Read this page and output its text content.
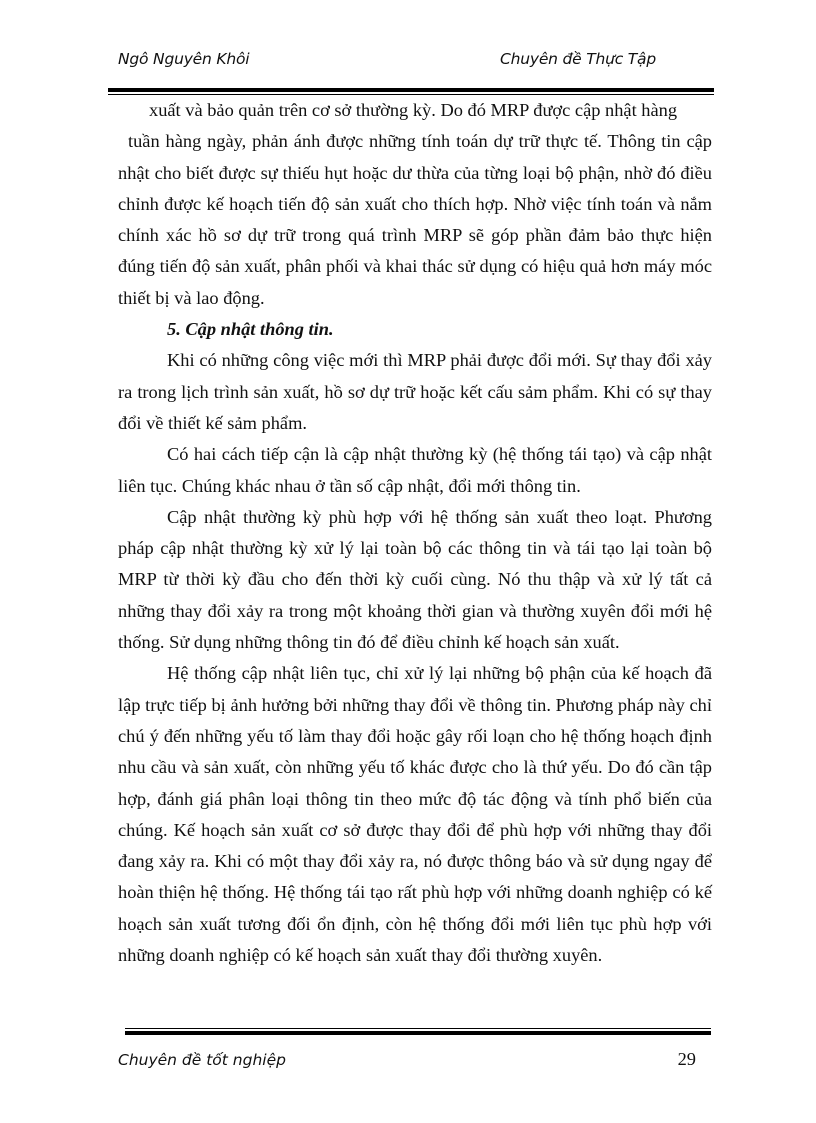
Ngô Nguyên Khôi	Chuyên đề Thực Tập

xuất và bảo quản trên cơ sở thường kỳ. Do đó MRP được cập nhật hàng

tuần hàng ngày, phản ánh được những tính toán dự trữ thực tế. Thông tin cập nhật cho biết được sự thiếu hụt hoặc dư thừa của từng loại bộ phận, nhờ đó điều chỉnh được kế hoạch tiến độ sản xuất cho thích hợp. Nhờ việc tính toán và nắm chính xác hồ sơ dự trữ trong quá trình MRP sẽ góp phần đảm bảo thực hiện đúng tiến độ sản xuất, phân phối và khai thác sử dụng có hiệu quả hơn máy móc thiết bị và lao động.

5. Cập nhật thông tin.

Khi có những công việc mới thì MRP phải được đổi mới. Sự thay đổi xảy ra trong lịch trình sản xuất, hồ sơ dự trữ hoặc kết cấu sảm phẩm. Khi có sự thay đổi về thiết kế sảm phẩm.

Có hai cách tiếp cận là cập nhật thường kỳ (hệ thống tái tạo) và cập nhật liên tục. Chúng khác nhau ở tần số cập nhật, đổi mới thông tin.

Cập nhật thường kỳ phù hợp với hệ thống sản xuất theo loạt. Phương pháp cập nhật thường kỳ xử lý lại toàn bộ các thông tin và tái tạo lại toàn bộ MRP từ thời kỳ đầu cho đến thời kỳ cuối cùng. Nó thu thập và xử lý tất cả những thay đổi xảy ra trong một khoảng thời gian và thường xuyên đổi mới hệ thống. Sử dụng những thông tin đó để điều chỉnh kế hoạch sản xuất.

Hệ thống cập nhật liên tục, chỉ xử lý lại những bộ phận của kế hoạch đã lập trực tiếp bị ảnh hưởng bởi những thay đổi về thông tin. Phương pháp này chỉ chú ý đến những yếu tố làm thay đổi hoặc gây rối loạn cho hệ thống hoạch định nhu cầu và sản xuất, còn những yếu tố khác được cho là thứ yếu. Do đó cần tập hợp, đánh giá phân loại thông tin theo mức độ tác động và tính phổ biến của chúng. Kế hoạch sản xuất cơ sở được thay đổi để phù hợp với những thay đổi đang xảy ra. Khi có một thay đổi xảy ra, nó được thông báo và sử dụng ngay để hoàn thiện hệ thống. Hệ thống tái tạo rất phù hợp với những doanh nghiệp có kế hoạch sản xuất tương đối ổn định, còn hệ thống đổi mới liên tục phù hợp với những doanh nghiệp có kế hoạch sản xuất thay đổi thường xuyên.

Chuyên đề tốt nghiệp	29
